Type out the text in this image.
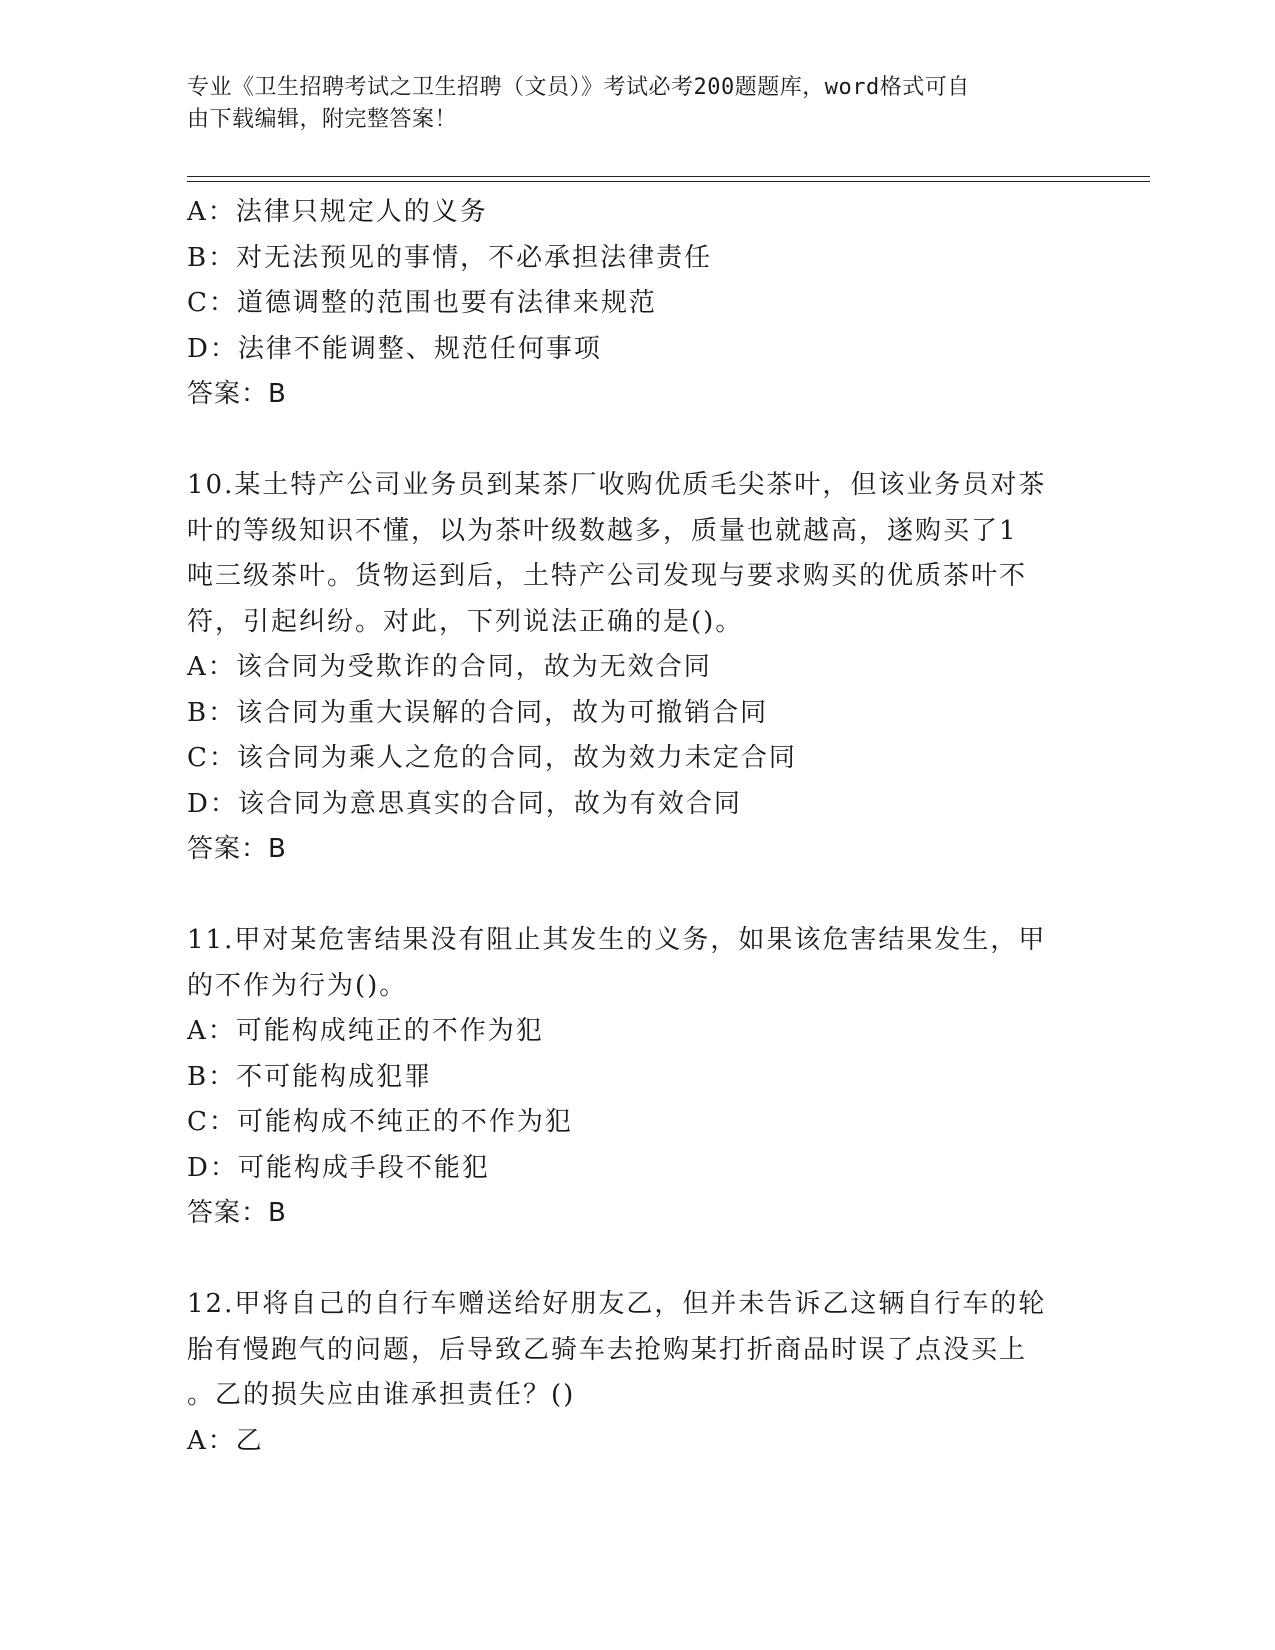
专业《卫生招聘考试之卫生招聘（文员）》考试必考200题题库，word格式可自
由下载编辑，附完整答案！
A：法律只规定人的义务
B：对无法预见的事情，不必承担法律责任
C：道德调整的范围也要有法律来规范
D：法律不能调整、规范任何事项
答案：B
10.某土特产公司业务员到某茶厂收购优质毛尖茶叶，但该业务员对茶
叶的等级知识不懂，以为茶叶级数越多，质量也就越高，遂购买了1
吨三级茶叶。货物运到后，土特产公司发现与要求购买的优质茶叶不
符，引起纠纷。对此，下列说法正确的是()。
A：该合同为受欺诈的合同，故为无效合同
B：该合同为重大误解的合同，故为可撤销合同
C：该合同为乘人之危的合同，故为效力未定合同
D：该合同为意思真实的合同，故为有效合同
答案：B
11.甲对某危害结果没有阻止其发生的义务，如果该危害结果发生，甲
的不作为行为()。
A：可能构成纯正的不作为犯
B：不可能构成犯罪
C：可能构成不纯正的不作为犯
D：可能构成手段不能犯
答案：B
12.甲将自己的自行车赠送给好朋友乙，但并未告诉乙这辆自行车的轮
胎有慢跑气的问题，后导致乙骑车去抢购某打折商品时误了点没买上
。乙的损失应由谁承担责任？()
A：乙
